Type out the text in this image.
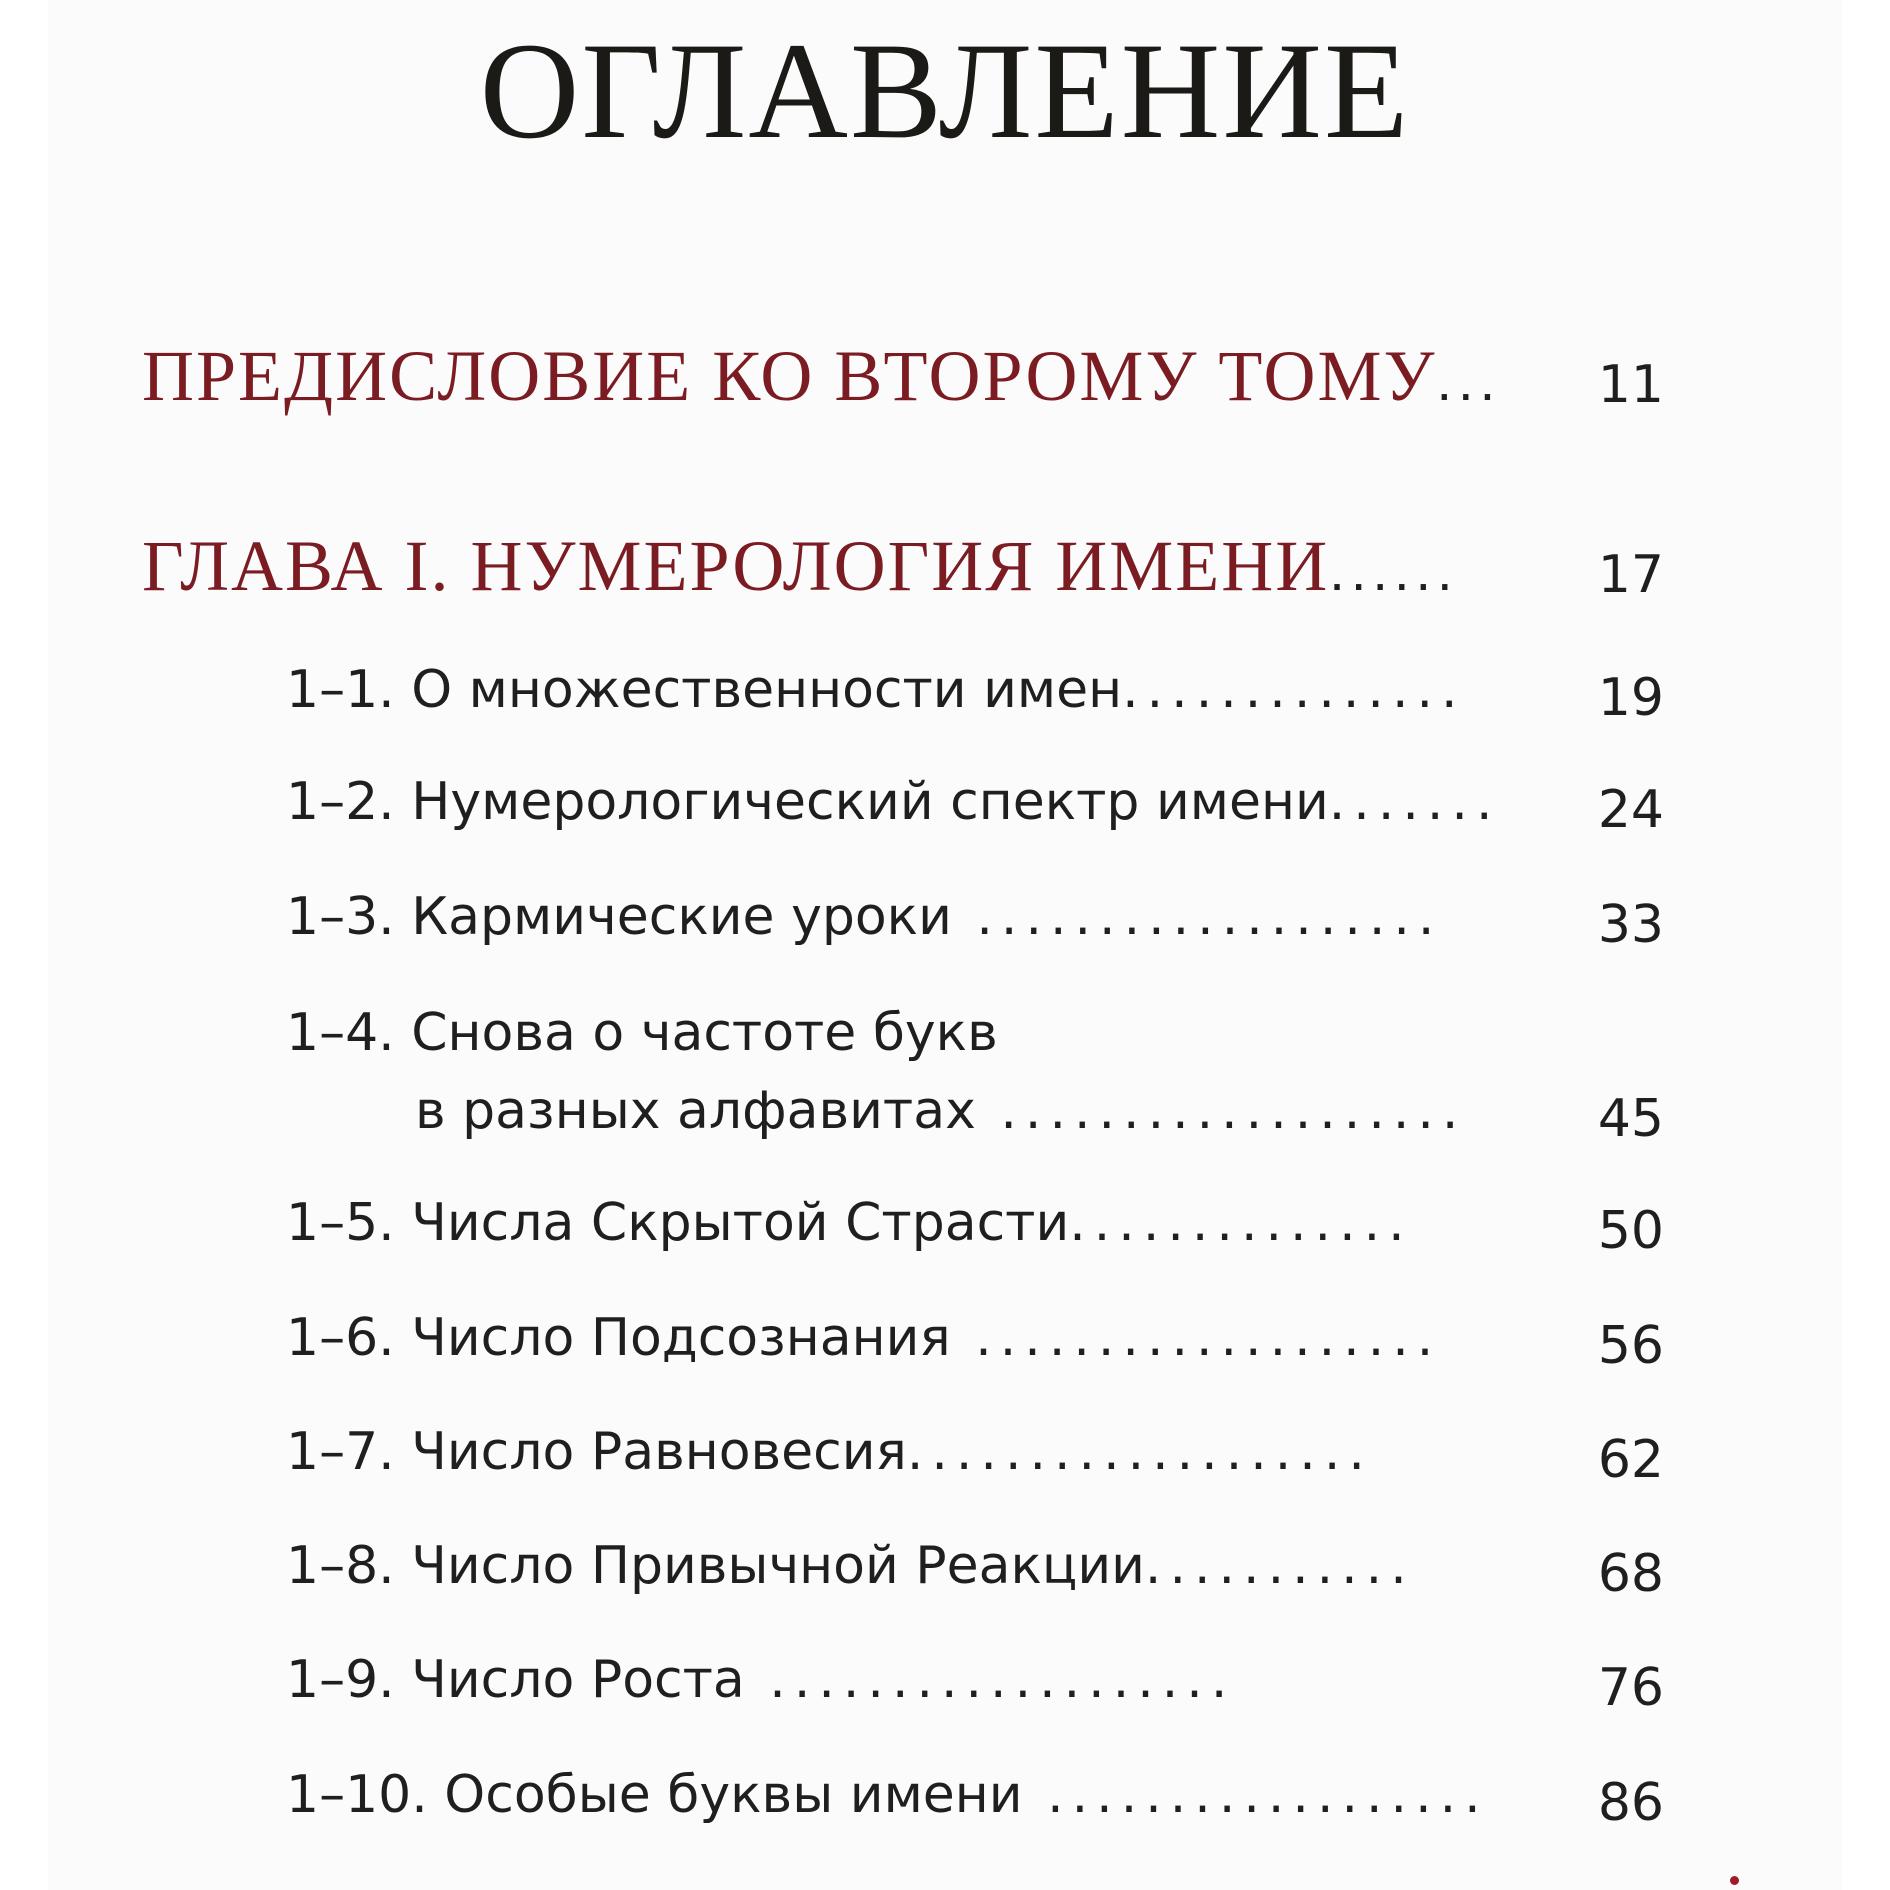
ОГЛАВЛЕНИЕ
ПРЕДИСЛОВИЕ КО ВТОРОМУ ТОМУ... 11
ГЛАВА I. НУМЕРОЛОГИЯ ИМЕНИ......	17
1–1. О множественности имен..............	19
1–2. Нумерологический спектр имени....... 24
1–3. Кармические уроки ...................	33
1–4. Снова о частоте букв
в разных алфавитах ...................	45
1–5. Числа Скрытой Страсти..............	50
1–6. Число Подсознания ...................	56
1–7. Число Равновесия...................	62
1–8. Число Привычной Реакции...........	68
1–9. Число Роста ...................	76
1–10. Особые буквы имени .................. 86
